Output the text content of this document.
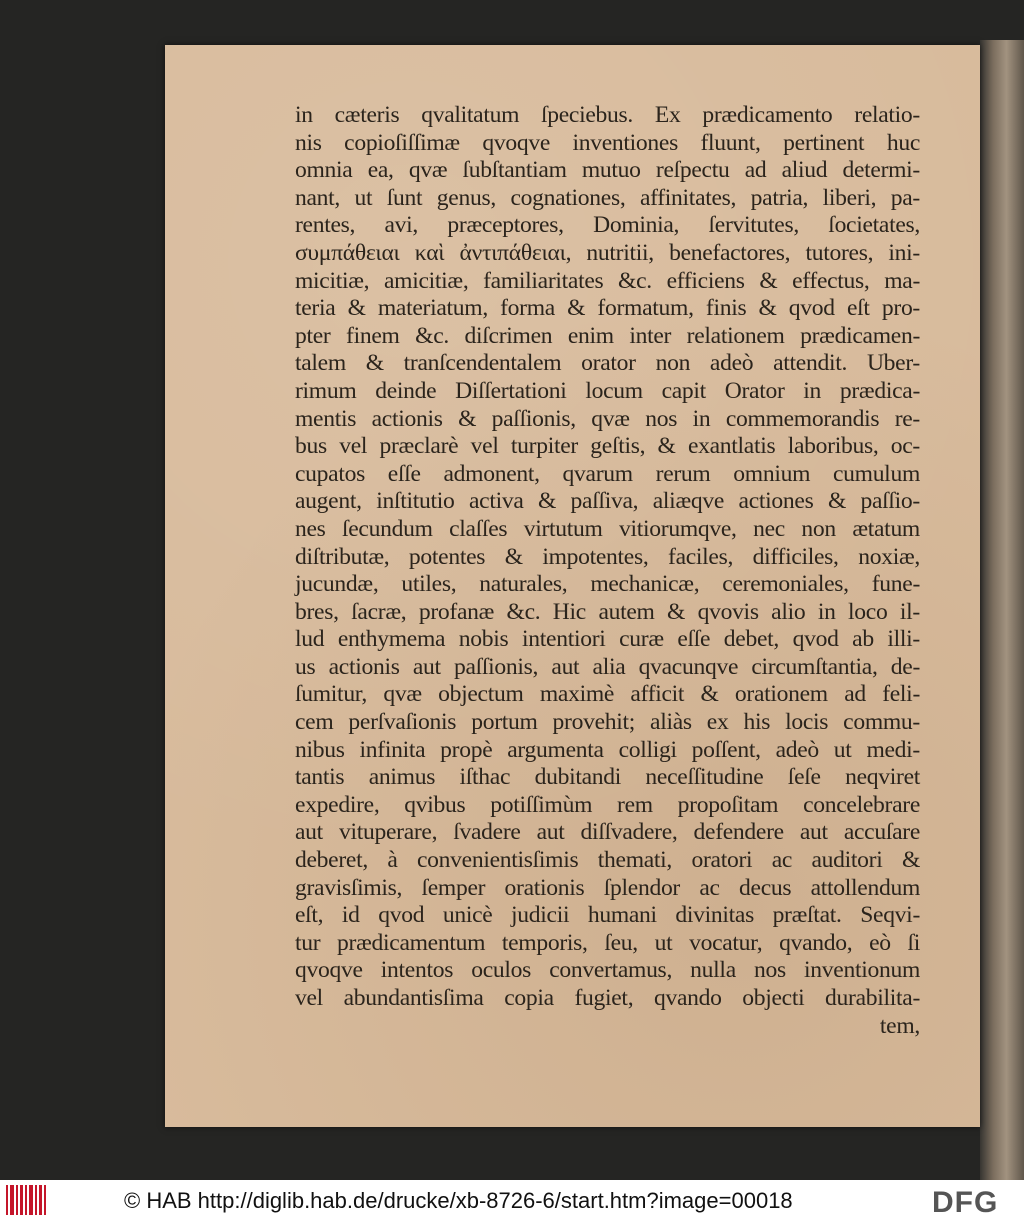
in cæteris qvalitatum ſpeciebus. Ex prædicamento relatio-
nis copioſiſſimæ qvoqve inventiones fluunt, pertinent huc
omnia ea, qvæ ſubſtantiam mutuo reſpectu ad aliud determi-
nant, ut ſunt genus, cognationes, affinitates, patria, liberi, pa-
rentes, avi, præceptores, Dominia, ſervitutes, ſocietates,
συμπάθειαι καὶ ἀντιπάθειαι, nutritii, benefactores, tutores, ini-
micitiæ, amicitiæ, familiaritates &c. efficiens & effectus, ma-
teria & materiatum, forma & formatum, finis & qvod eſt pro-
pter finem &c. diſcrimen enim inter relationem prædicamen-
talem & tranſcendentalem orator non adeò attendit. Uber-
rimum deinde Diſſertationi locum capit Orator in prædica-
mentis actionis & paſſionis, qvæ nos in commemorandis re-
bus vel præclarè vel turpiter geſtis, & exantlatis laboribus, oc-
cupatos eſſe admonent, qvarum rerum omnium cumulum
augent, inſtitutio activa & paſſiva, aliæqve actiones & paſſio-
nes ſecundum claſſes virtutum vitiorumqve, nec non ætatum
diſtributæ, potentes & impotentes, faciles, difficiles, noxiæ,
jucundæ, utiles, naturales, mechanicæ, ceremoniales, fune-
bres, ſacræ, profanæ &c. Hic autem & qvovis alio in loco il-
lud enthymema nobis intentiori curæ eſſe debet, qvod ab illi-
us actionis aut paſſionis, aut alia qvacunqve circumſtantia, de-
ſumitur, qvæ objectum maximè afficit & orationem ad feli-
cem perſvaſionis portum provehit; aliàs ex his locis commu-
nibus infinita propè argumenta colligi poſſent, adeò ut medi-
tantis animus iſthac dubitandi neceſſitudine ſeſe neqviret
expedire, qvibus potiſſimùm rem propoſitam concelebrare
aut vituperare, ſvadere aut diſſvadere, defendere aut accuſare
deberet, à convenientisſimis themati, oratori ac auditori &
gravisſimis, ſemper orationis ſplendor ac decus attollendum
eſt, id qvod unicè judicii humani divinitas præſtat. Seqvi-
tur prædicamentum temporis, ſeu, ut vocatur, qvando, eò ſi
qvoqve intentos oculos convertamus, nulla nos inventionum
vel abundantisſima copia fugiet, qvando objecti durabilita-
tem,
© HAB http://diglib.hab.de/drucke/xb-8726-6/start.htm?image=00018	DFG
